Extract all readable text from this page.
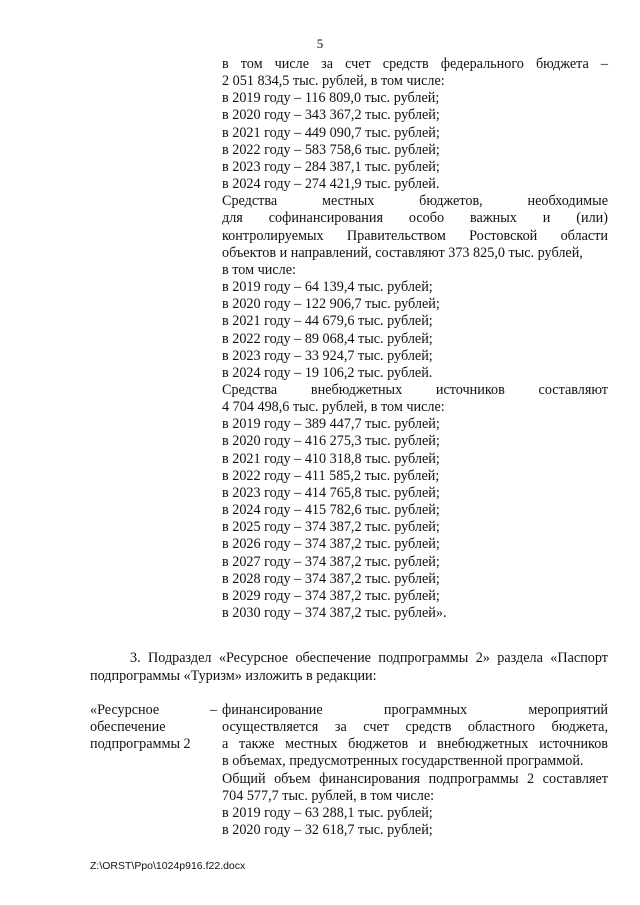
5

в том числе за счет средств федерального бюджета –

2 051 834,5 тыс. рублей, в том числе:

в 2019 году – 116 809,0 тыс. рублей;

в 2020 году – 343 367,2 тыс. рублей;

в 2021 году – 449 090,7 тыс. рублей;

в 2022 году – 583 758,6 тыс. рублей;

в 2023 году – 284 387,1 тыс. рублей;

в 2024 году – 274 421,9 тыс. рублей.

Средства местных бюджетов, необходимые

для софинансирования особо важных и (или)

контролируемых Правительством Ростовской области

объектов и направлений, составляют 373 825,0 тыс. рублей,

в том числе:

в 2019 году – 64 139,4 тыс. рублей;

в 2020 году – 122 906,7 тыс. рублей;

в 2021 году – 44 679,6 тыс. рублей;

в 2022 году – 89 068,4 тыс. рублей;

в 2023 году – 33 924,7 тыс. рублей;

в 2024 году – 19 106,2 тыс. рублей.

Средства внебюджетных источников составляют

4 704 498,6 тыс. рублей, в том числе:

в 2019 году – 389 447,7 тыс. рублей;

в 2020 году – 416 275,3 тыс. рублей;

в 2021 году – 410 318,8 тыс. рублей;

в 2022 году – 411 585,2 тыс. рублей;

в 2023 году – 414 765,8 тыс. рублей;

в 2024 году – 415 782,6 тыс. рублей;

в 2025 году – 374 387,2 тыс. рублей;

в 2026 году – 374 387,2 тыс. рублей;

в 2027 году – 374 387,2 тыс. рублей;

в 2028 году – 374 387,2 тыс. рублей;

в 2029 году – 374 387,2 тыс. рублей;

в 2030 году – 374 387,2 тыс. рублей».

3. Подраздел «Ресурсное обеспечение подпрограммы 2» раздела «Паспорт
подпрограммы «Туризм» изложить в редакции:
«Ресурсное
обеспечение
подпрограммы 2
– финансирование программных мероприятий

осуществляется за счет средств областного бюджета,

а также местных бюджетов и внебюджетных источников

в объемах, предусмотренных государственной программой.

Общий объем финансирования подпрограммы 2 составляет

704 577,7 тыс. рублей, в том числе:

в 2019 году – 63 288,1 тыс. рублей;

в 2020 году – 32 618,7 тыс. рублей;

Z:\ORST\Ppo\1024p916.f22.docx
